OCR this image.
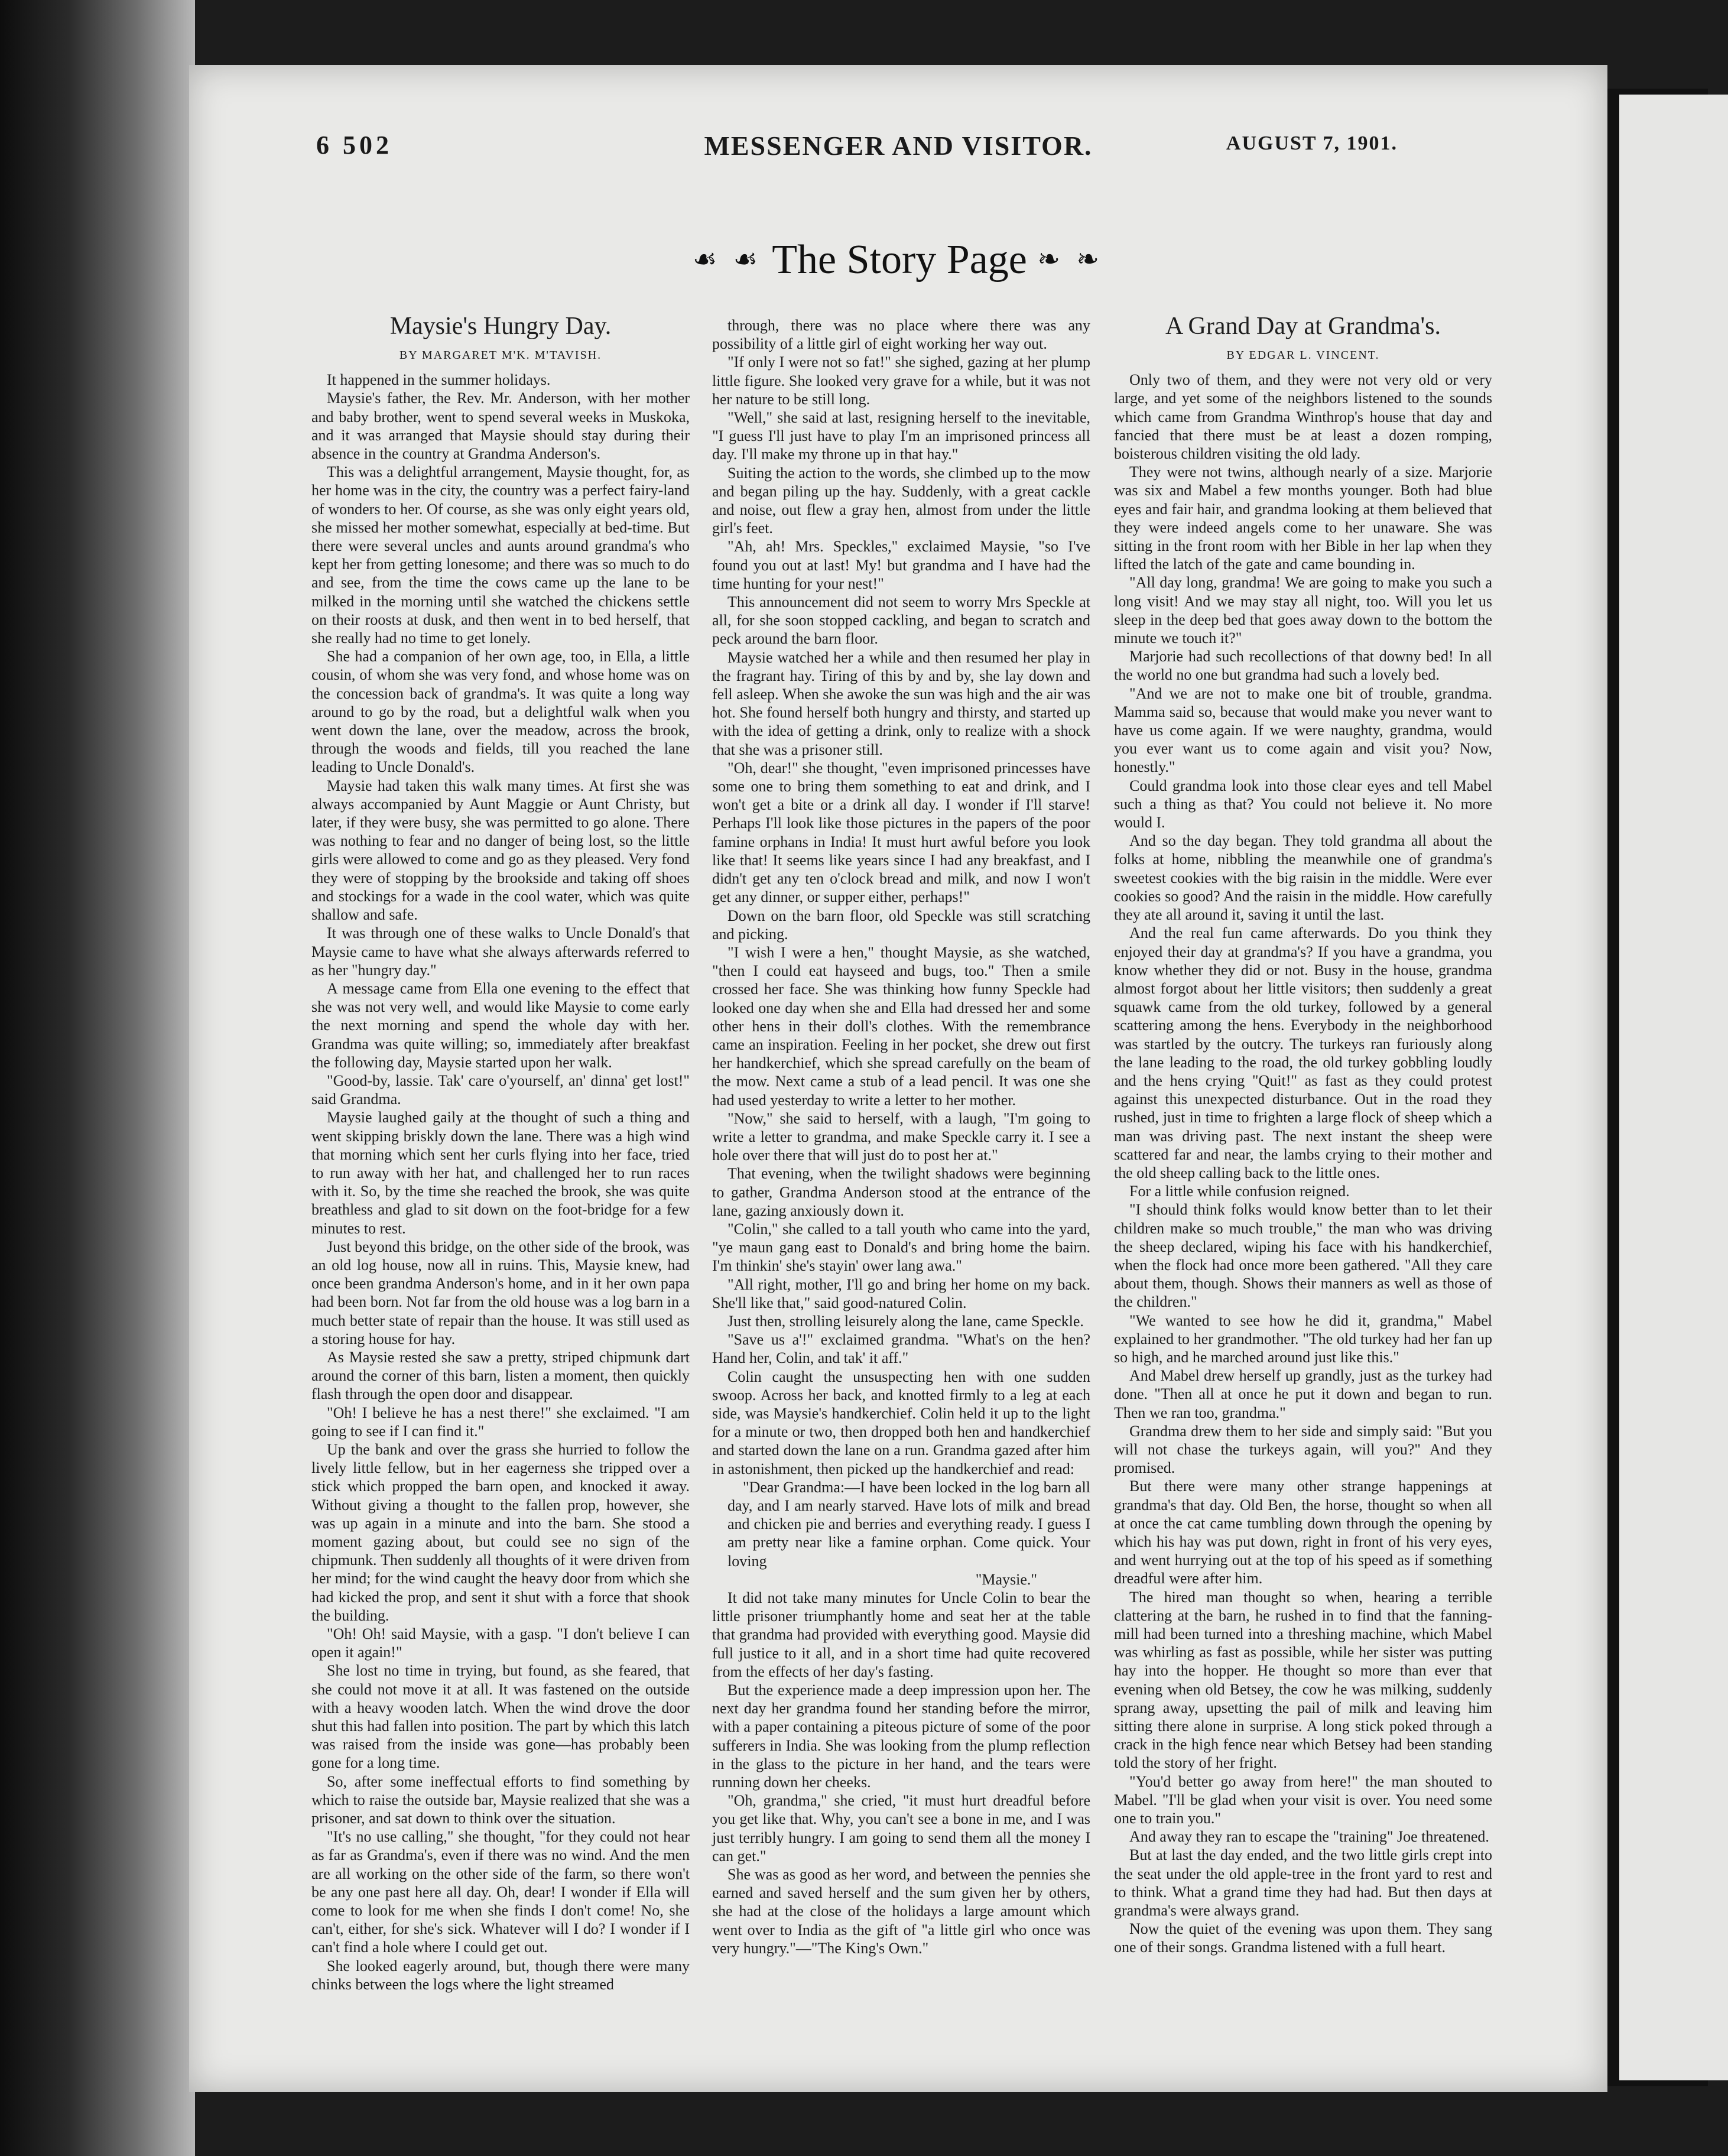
6 502	MESSENGER AND VISITOR.	AUGUST 7, 1901.
☙ ☙ The Story Page ❧ ❧

Maysie's Hungry Day.

BY MARGARET M'K. M'TAVISH.

It happened in the summer holidays.

Maysie's father, the Rev. Mr. Anderson, with her mother and baby brother, went to spend several weeks in Muskoka, and it was arranged that Maysie should stay during their absence in the country at Grandma Anderson's.

This was a delightful arrangement, Maysie thought, for, as her home was in the city, the country was a perfect fairy-land of wonders to her. Of course, as she was only eight years old, she missed her mother somewhat, especially at bed-time. But there were several uncles and aunts around grandma's who kept her from getting lonesome; and there was so much to do and see, from the time the cows came up the lane to be milked in the morning until she watched the chickens settle on their roosts at dusk, and then went in to bed herself, that she really had no time to get lonely.

She had a companion of her own age, too, in Ella, a little cousin, of whom she was very fond, and whose home was on the concession back of grandma's. It was quite a long way around to go by the road, but a delightful walk when you went down the lane, over the meadow, across the brook, through the woods and fields, till you reached the lane leading to Uncle Donald's.

Maysie had taken this walk many times. At first she was always accompanied by Aunt Maggie or Aunt Christy, but later, if they were busy, she was permitted to go alone. There was nothing to fear and no danger of being lost, so the little girls were allowed to come and go as they pleased. Very fond they were of stopping by the brookside and taking off shoes and stockings for a wade in the cool water, which was quite shallow and safe.

It was through one of these walks to Uncle Donald's that Maysie came to have what she always afterwards referred to as her "hungry day."

A message came from Ella one evening to the effect that she was not very well, and would like Maysie to come early the next morning and spend the whole day with her. Grandma was quite willing; so, immediately after breakfast the following day, Maysie started upon her walk.

"Good-by, lassie. Tak' care o'yourself, an' dinna' get lost!" said Grandma.

Maysie laughed gaily at the thought of such a thing and went skipping briskly down the lane. There was a high wind that morning which sent her curls flying into her face, tried to run away with her hat, and challenged her to run races with it. So, by the time she reached the brook, she was quite breathless and glad to sit down on the foot-bridge for a few minutes to rest.

Just beyond this bridge, on the other side of the brook, was an old log house, now all in ruins. This, Maysie knew, had once been grandma Anderson's home, and in it her own papa had been born. Not far from the old house was a log barn in a much better state of repair than the house. It was still used as a storing house for hay.

As Maysie rested she saw a pretty, striped chipmunk dart around the corner of this barn, listen a moment, then quickly flash through the open door and disappear.

"Oh! I believe he has a nest there!" she exclaimed. "I am going to see if I can find it."

Up the bank and over the grass she hurried to follow the lively little fellow, but in her eagerness she tripped over a stick which propped the barn open, and knocked it away. Without giving a thought to the fallen prop, however, she was up again in a minute and into the barn. She stood a moment gazing about, but could see no sign of the chipmunk. Then suddenly all thoughts of it were driven from her mind; for the wind caught the heavy door from which she had kicked the prop, and sent it shut with a force that shook the building.

"Oh! Oh! said Maysie, with a gasp. "I don't believe I can open it again!"

She lost no time in trying, but found, as she feared, that she could not move it at all. It was fastened on the outside with a heavy wooden latch. When the wind drove the door shut this had fallen into position. The part by which this latch was raised from the inside was gone—has probably been gone for a long time.

So, after some ineffectual efforts to find something by which to raise the outside bar, Maysie realized that she was a prisoner, and sat down to think over the situation.

"It's no use calling," she thought, "for they could not hear as far as Grandma's, even if there was no wind. And the men are all working on the other side of the farm, so there won't be any one past here all day. Oh, dear! I wonder if Ella will come to look for me when she finds I don't come! No, she can't, either, for she's sick. Whatever will I do? I wonder if I can't find a hole where I could get out.

She looked eagerly around, but, though there were many chinks between the logs where the light streamed

through, there was no place where there was any possibility of a little girl of eight working her way out.

"If only I were not so fat!" she sighed, gazing at her plump little figure. She looked very grave for a while, but it was not her nature to be still long.

"Well," she said at last, resigning herself to the inevitable, "I guess I'll just have to play I'm an imprisoned princess all day. I'll make my throne up in that hay."

Suiting the action to the words, she climbed up to the mow and began piling up the hay. Suddenly, with a great cackle and noise, out flew a gray hen, almost from under the little girl's feet.

"Ah, ah! Mrs. Speckles," exclaimed Maysie, "so I've found you out at last! My! but grandma and I have had the time hunting for your nest!"

This announcement did not seem to worry Mrs Speckle at all, for she soon stopped cackling, and began to scratch and peck around the barn floor.

Maysie watched her a while and then resumed her play in the fragrant hay. Tiring of this by and by, she lay down and fell asleep. When she awoke the sun was high and the air was hot. She found herself both hungry and thirsty, and started up with the idea of getting a drink, only to realize with a shock that she was a prisoner still.

"Oh, dear!" she thought, "even imprisoned princesses have some one to bring them something to eat and drink, and I won't get a bite or a drink all day. I wonder if I'll starve! Perhaps I'll look like those pictures in the papers of the poor famine orphans in India! It must hurt awful before you look like that! It seems like years since I had any breakfast, and I didn't get any ten o'clock bread and milk, and now I won't get any dinner, or supper either, perhaps!"

Down on the barn floor, old Speckle was still scratching and picking.

"I wish I were a hen," thought Maysie, as she watched, "then I could eat hayseed and bugs, too." Then a smile crossed her face. She was thinking how funny Speckle had looked one day when she and Ella had dressed her and some other hens in their doll's clothes. With the remembrance came an inspiration. Feeling in her pocket, she drew out first her handkerchief, which she spread carefully on the beam of the mow. Next came a stub of a lead pencil. It was one she had used yesterday to write a letter to her mother.

"Now," she said to herself, with a laugh, "I'm going to write a letter to grandma, and make Speckle carry it. I see a hole over there that will just do to post her at."

That evening, when the twilight shadows were beginning to gather, Grandma Anderson stood at the entrance of the lane, gazing anxiously down it.

"Colin," she called to a tall youth who came into the yard, "ye maun gang east to Donald's and bring home the bairn. I'm thinkin' she's stayin' ower lang awa."

"All right, mother, I'll go and bring her home on my back. She'll like that," said good-natured Colin.

Just then, strolling leisurely along the lane, came Speckle.

"Save us a'!" exclaimed grandma. "What's on the hen? Hand her, Colin, and tak' it aff."

Colin caught the unsuspecting hen with one sudden swoop. Across her back, and knotted firmly to a leg at each side, was Maysie's handkerchief. Colin held it up to the light for a minute or two, then dropped both hen and handkerchief and started down the lane on a run. Grandma gazed after him in astonishment, then picked up the handkerchief and read:

"Dear Grandma:—I have been locked in the log barn all day, and I am nearly starved. Have lots of milk and bread and chicken pie and berries and everything ready. I guess I am pretty near like a famine orphan. Come quick. Your loving

"Maysie."

It did not take many minutes for Uncle Colin to bear the little prisoner triumphantly home and seat her at the table that grandma had provided with everything good. Maysie did full justice to it all, and in a short time had quite recovered from the effects of her day's fasting.

But the experience made a deep impression upon her. The next day her grandma found her standing before the mirror, with a paper containing a piteous picture of some of the poor sufferers in India. She was looking from the plump reflection in the glass to the picture in her hand, and the tears were running down her cheeks.

"Oh, grandma," she cried, "it must hurt dreadful before you get like that. Why, you can't see a bone in me, and I was just terribly hungry. I am going to send them all the money I can get."

She was as good as her word, and between the pennies she earned and saved herself and the sum given her by others, she had at the close of the holidays a large amount which went over to India as the gift of "a little girl who once was very hungry."—"The King's Own."

A Grand Day at Grandma's.

BY EDGAR L. VINCENT.

Only two of them, and they were not very old or very large, and yet some of the neighbors listened to the sounds which came from Grandma Winthrop's house that day and fancied that there must be at least a dozen romping, boisterous children visiting the old lady.

They were not twins, although nearly of a size. Marjorie was six and Mabel a few months younger. Both had blue eyes and fair hair, and grandma looking at them believed that they were indeed angels come to her unaware. She was sitting in the front room with her Bible in her lap when they lifted the latch of the gate and came bounding in.

"All day long, grandma! We are going to make you such a long visit! And we may stay all night, too. Will you let us sleep in the deep bed that goes away down to the bottom the minute we touch it?"

Marjorie had such recollections of that downy bed! In all the world no one but grandma had such a lovely bed.

"And we are not to make one bit of trouble, grandma. Mamma said so, because that would make you never want to have us come again. If we were naughty, grandma, would you ever want us to come again and visit you? Now, honestly."

Could grandma look into those clear eyes and tell Mabel such a thing as that? You could not believe it. No more would I.

And so the day began. They told grandma all about the folks at home, nibbling the meanwhile one of grandma's sweetest cookies with the big raisin in the middle. Were ever cookies so good? And the raisin in the middle. How carefully they ate all around it, saving it until the last.

And the real fun came afterwards. Do you think they enjoyed their day at grandma's? If you have a grandma, you know whether they did or not. Busy in the house, grandma almost forgot about her little visitors; then suddenly a great squawk came from the old turkey, followed by a general scattering among the hens. Everybody in the neighborhood was startled by the outcry. The turkeys ran furiously along the lane leading to the road, the old turkey gobbling loudly and the hens crying "Quit!" as fast as they could protest against this unexpected disturbance. Out in the road they rushed, just in time to frighten a large flock of sheep which a man was driving past. The next instant the sheep were scattered far and near, the lambs crying to their mother and the old sheep calling back to the little ones.

For a little while confusion reigned.

"I should think folks would know better than to let their children make so much trouble," the man who was driving the sheep declared, wiping his face with his handkerchief, when the flock had once more been gathered. "All they care about them, though. Shows their manners as well as those of the children."

"We wanted to see how he did it, grandma," Mabel explained to her grandmother. "The old turkey had her fan up so high, and he marched around just like this."

And Mabel drew herself up grandly, just as the turkey had done. "Then all at once he put it down and began to run. Then we ran too, grandma."

Grandma drew them to her side and simply said: "But you will not chase the turkeys again, will you?" And they promised.

But there were many other strange happenings at grandma's that day. Old Ben, the horse, thought so when all at once the cat came tumbling down through the opening by which his hay was put down, right in front of his very eyes, and went hurrying out at the top of his speed as if something dreadful were after him.

The hired man thought so when, hearing a terrible clattering at the barn, he rushed in to find that the fanning-mill had been turned into a threshing machine, which Mabel was whirling as fast as possible, while her sister was putting hay into the hopper. He thought so more than ever that evening when old Betsey, the cow he was milking, suddenly sprang away, upsetting the pail of milk and leaving him sitting there alone in surprise. A long stick poked through a crack in the high fence near which Betsey had been standing told the story of her fright.

"You'd better go away from here!" the man shouted to Mabel. "I'll be glad when your visit is over. You need some one to train you."

And away they ran to escape the "training" Joe threatened.

But at last the day ended, and the two little girls crept into the seat under the old apple-tree in the front yard to rest and to think. What a grand time they had had. But then days at grandma's were always grand.

Now the quiet of the evening was upon them. They sang one of their songs. Grandma listened with a full heart.
